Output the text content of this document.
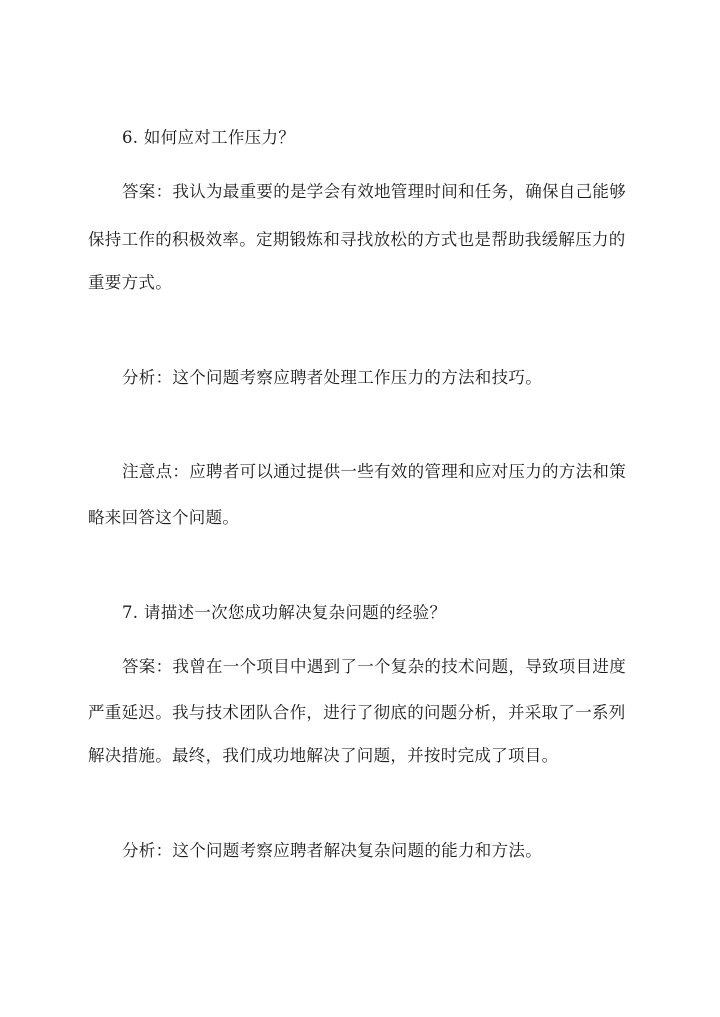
6. 如何应对工作压力？
答案：我认为最重要的是学会有效地管理时间和任务，确保自己能够
保持工作的积极效率。定期锻炼和寻找放松的方式也是帮助我缓解压力的
重要方式。
分析：这个问题考察应聘者处理工作压力的方法和技巧。
注意点：应聘者可以通过提供一些有效的管理和应对压力的方法和策
略来回答这个问题。
7. 请描述一次您成功解决复杂问题的经验？
答案：我曾在一个项目中遇到了一个复杂的技术问题，导致项目进度
严重延迟。我与技术团队合作，进行了彻底的问题分析，并采取了一系列
解决措施。最终，我们成功地解决了问题，并按时完成了项目。
分析：这个问题考察应聘者解决复杂问题的能力和方法。
